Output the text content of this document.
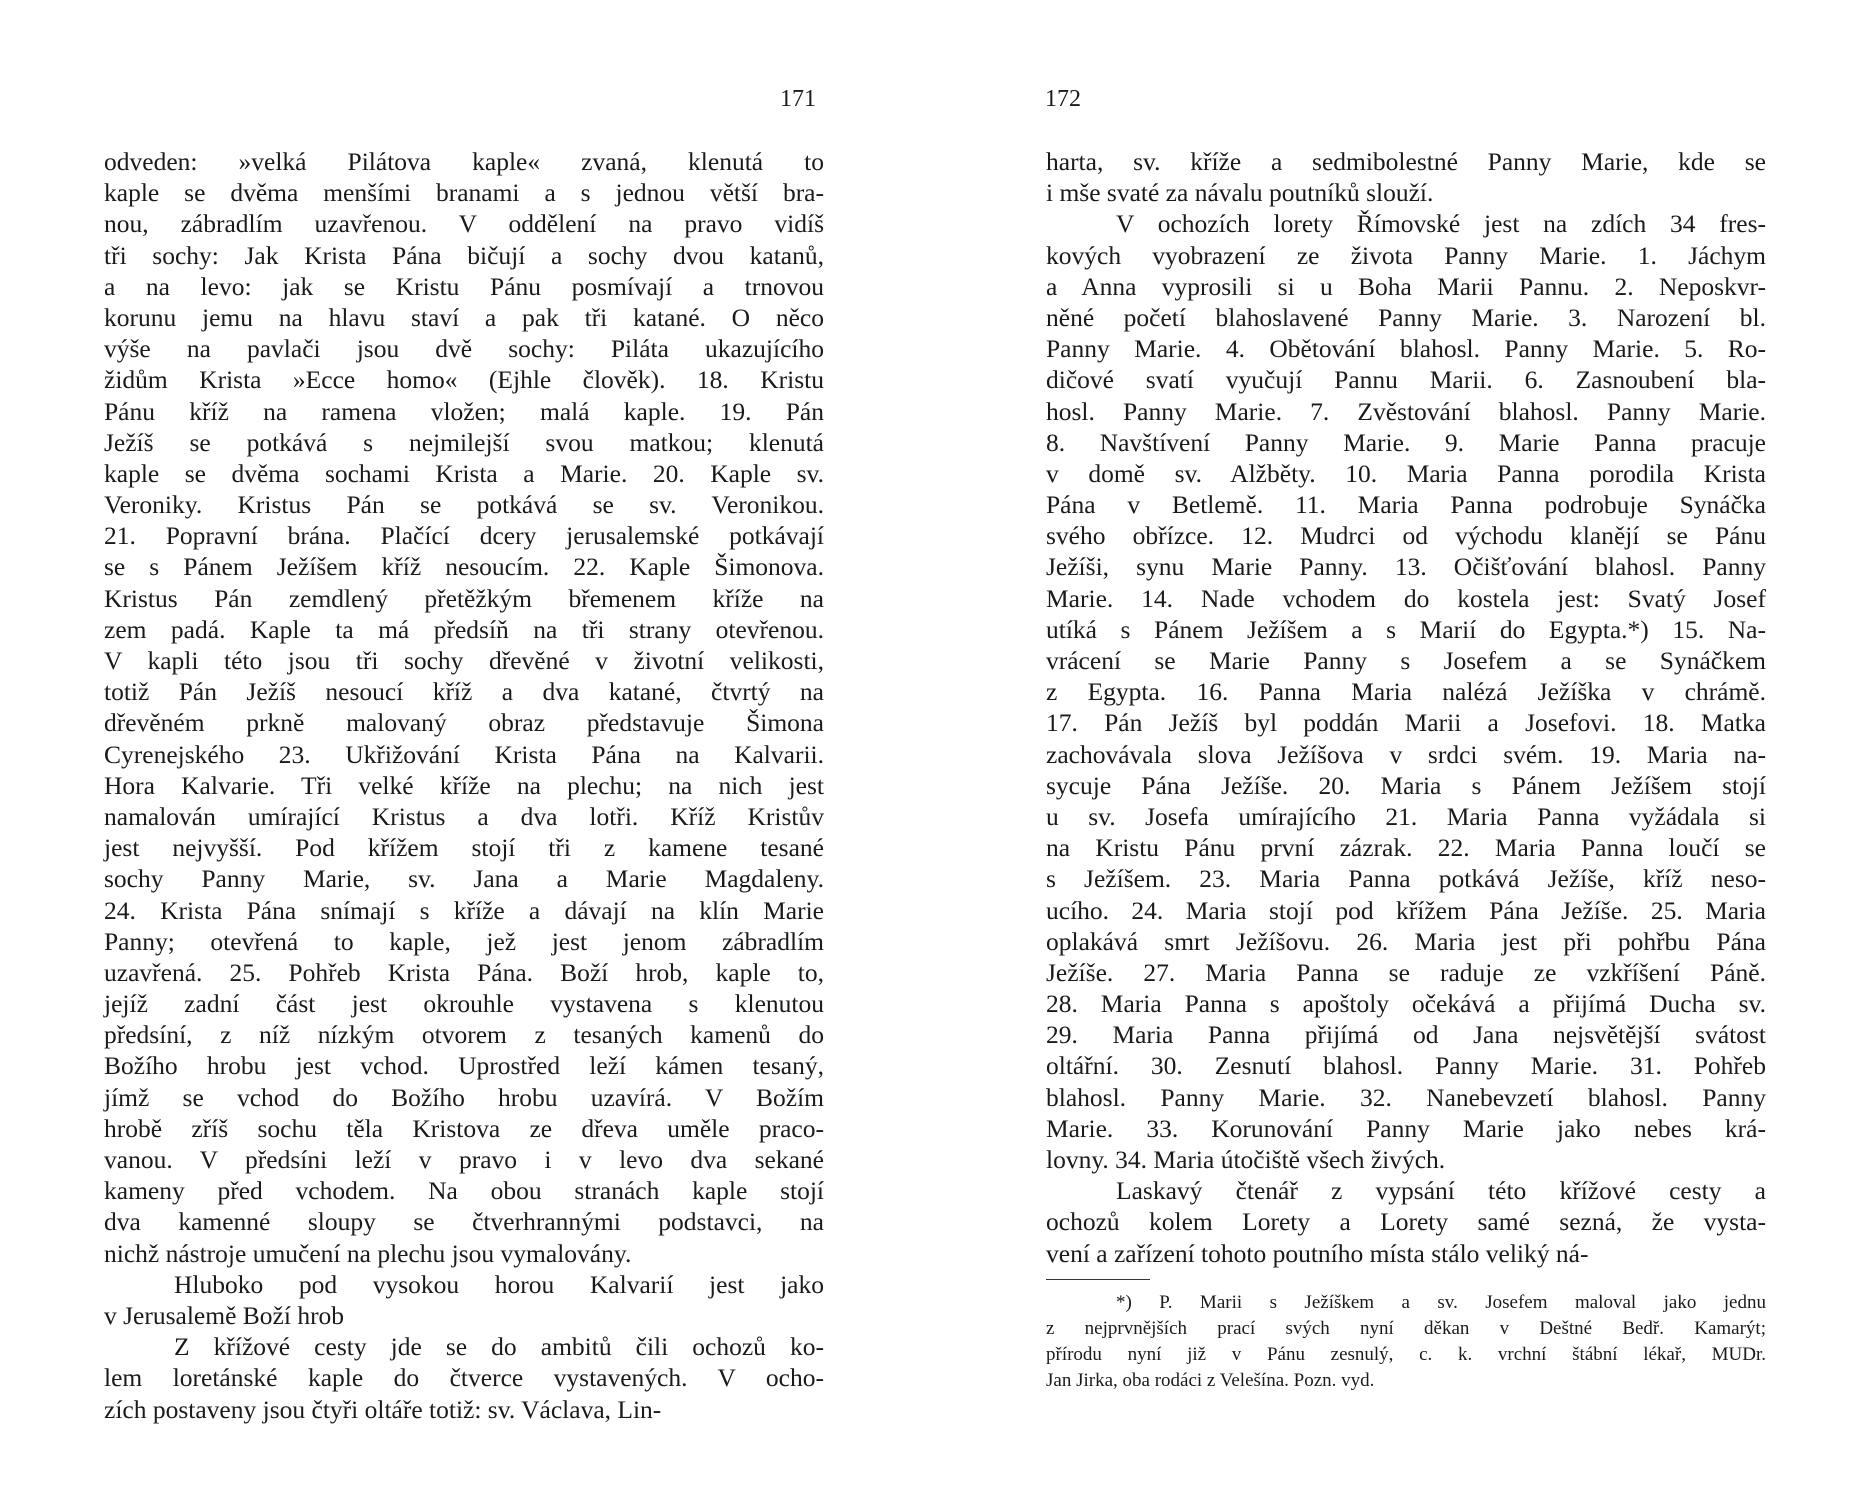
171
odveden: »velká Pilátova kaple« zvaná, klenutá to
kaple se dvěma menšími branami a s jednou větší bra-
nou, zábradlím uzavřenou. V oddělení na pravo vidíš
tři sochy: Jak Krista Pána bičují a sochy dvou katanů,
a na levo: jak se Kristu Pánu posmívají a trnovou
korunu jemu na hlavu staví a pak tři katané. O něco
výše na pavlači jsou dvě sochy: Piláta ukazujícího
židům Krista »Ecce homo« (Ejhle člověk). 18. Kristu
Pánu kříž na ramena vložen; malá kaple. 19. Pán
Ježíš se potkává s nejmilejší svou matkou; klenutá
kaple se dvěma sochami Krista a Marie. 20. Kaple sv.
Veroniky. Kristus Pán se potkává se sv. Veronikou.
21. Popravní brána. Plačící dcery jerusalemské potkávají
se s Pánem Ježíšem kříž nesoucím. 22. Kaple Šimonova.
Kristus Pán zemdlený přetěžkým břemenem kříže na
zem padá. Kaple ta má předsíň na tři strany otevřenou.
V kapli této jsou tři sochy dřevěné v životní velikosti,
totiž Pán Ježíš nesoucí kříž a dva katané, čtvrtý na
dřevěném prkně malovaný obraz představuje Šimona
Cyrenejského 23. Ukřižování Krista Pána na Kalvarii.
Hora Kalvarie. Tři velké kříže na plechu; na nich jest
namalován umírající Kristus a dva lotři. Kříž Kristův
jest nejvyšší. Pod křížem stojí tři z kamene tesané
sochy Panny Marie, sv. Jana a Marie Magdaleny.
24. Krista Pána snímají s kříže a dávají na klín Marie
Panny; otevřená to kaple, jež jest jenom zábradlím
uzavřená. 25. Pohřeb Krista Pána. Boží hrob, kaple to,
jejíž zadní část jest okrouhle vystavena s klenutou
předsíní, z níž nízkým otvorem z tesaných kamenů do
Božího hrobu jest vchod. Uprostřed leží kámen tesaný,
jímž se vchod do Božího hrobu uzavírá. V Božím
hrobě zříš sochu těla Kristova ze dřeva uměle praco-
vanou. V předsíni leží v pravo i v levo dva sekané
kameny před vchodem. Na obou stranách kaple stojí
dva kamenné sloupy se čtverhrannými podstavci, na
nichž nástroje umučení na plechu jsou vymalovány.
Hluboko pod vysokou horou Kalvarií jest jako
v Jerusalemě Boží hrob
Z křížové cesty jde se do ambitů čili ochozů ko-
lem loretánské kaple do čtverce vystavených. V ocho-
zích postaveny jsou čtyři oltáře totiž: sv. Václava, Lin-
172
harta, sv. kříže a sedmibolestné Panny Marie, kde se
i mše svaté za návalu poutníků slouží.
V ochozích lorety Římovské jest na zdích 34 fres-
kových vyobrazení ze života Panny Marie. 1. Jáchym
a Anna vyprosili si u Boha Marii Pannu. 2. Neposkvr-
něné početí blahoslavené Panny Marie. 3. Narození bl.
Panny Marie. 4. Obětování blahosl. Panny Marie. 5. Ro-
dičové svatí vyučují Pannu Marii. 6. Zasnoubení bla-
hosl. Panny Marie. 7. Zvěstování blahosl. Panny Marie.
8. Navštívení Panny Marie. 9. Marie Panna pracuje
v domě sv. Alžběty. 10. Maria Panna porodila Krista
Pána v Betlemě. 11. Maria Panna podrobuje Synáčka
svého obřízce. 12. Mudrci od východu klanějí se Pánu
Ježíši, synu Marie Panny. 13. Očišťování blahosl. Panny
Marie. 14. Nade vchodem do kostela jest: Svatý Josef
utíká s Pánem Ježíšem a s Marií do Egypta.*) 15. Na-
vrácení se Marie Panny s Josefem a se Synáčkem
z Egypta. 16. Panna Maria nalézá Ježíška v chrámě.
17. Pán Ježíš byl poddán Marii a Josefovi. 18. Matka
zachovávala slova Ježíšova v srdci svém. 19. Maria na-
sycuje Pána Ježíše. 20. Maria s Pánem Ježíšem stojí
u sv. Josefa umírajícího 21. Maria Panna vyžádala si
na Kristu Pánu první zázrak. 22. Maria Panna loučí se
s Ježíšem. 23. Maria Panna potkává Ježíše, kříž neso-
ucího. 24. Maria stojí pod křížem Pána Ježíše. 25. Maria
oplakává smrt Ježíšovu. 26. Maria jest při pohřbu Pána
Ježíše. 27. Maria Panna se raduje ze vzkříšení Páně.
28. Maria Panna s apoštoly očekává a přijímá Ducha sv.
29. Maria Panna přijímá od Jana nejsvětější svátost
oltářní. 30. Zesnutí blahosl. Panny Marie. 31. Pohřeb
blahosl. Panny Marie. 32. Nanebevzetí blahosl. Panny
Marie. 33. Korunování Panny Marie jako nebes krá-
lovny. 34. Maria útočiště všech živých.
Laskavý čtenář z vypsání této křížové cesty a
ochozů kolem Lorety a Lorety samé sezná, že vysta-
vení a zařízení tohoto poutního místa stálo veliký ná-
*) P. Marii s Ježíškem a sv. Josefem maloval jako jednu
z nejprvnějších prací svých nyní děkan v Deštné Bedř. Kamarýt;
přírodu nyní již v Pánu zesnulý, c. k. vrchní štábní lékař, MUDr.
Jan Jirka, oba rodáci z Velešína. Pozn. vyd.
